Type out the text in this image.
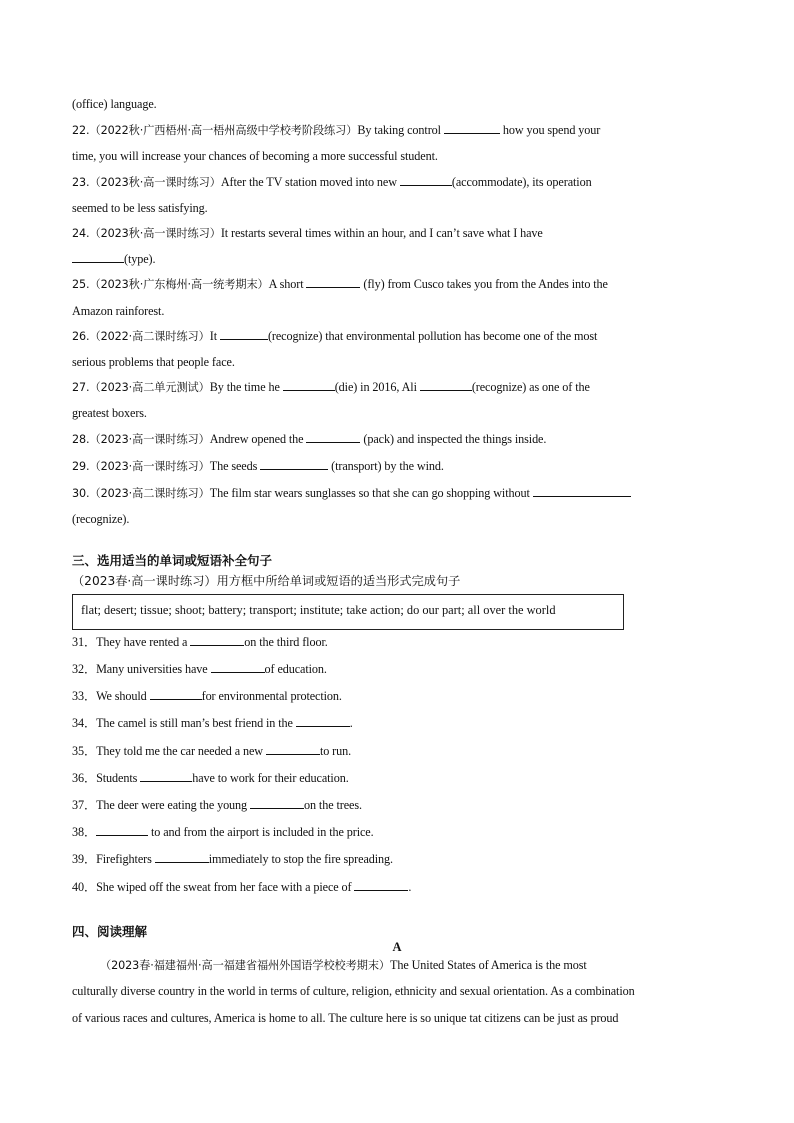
(office) language.
22.（2022秋·广西梧州·高一梧州高级中学校考阶段练习）By taking control	how you spend your
time, you will increase your chances of becoming a more successful student.
23.（2023秋·高一课时练习）After the TV station moved into new	(accommodate), its operation
seemed to be less satisfying.
24.（2023秋·高一课时练习）It restarts several times within an hour, and I can’t save what I have
(type).
25.（2023秋·广东梅州·高一统考期末）A short	(fly) from Cusco takes you from the Andes into the
Amazon rainforest.
26.（2022·高二课时练习）It	(recognize) that environmental pollution has become one of the most
serious problems that people face.
27.（2023·高二单元测试）By the time he	(die) in 2016, Ali	(recognize) as one of the
greatest boxers.
28.（2023·高一课时练习）Andrew opened the	(pack) and inspected the things inside.
29.（2023·高一课时练习）The seeds	(transport) by the wind.
30.（2023·高二课时练习）The film star wears sunglasses so that she can go shopping without
(recognize).
三、选用适当的单词或短语补全句子
（2023春·高一课时练习）用方框中所给单词或短语的适当形式完成句子
flat; desert; tissue; shoot; battery; transport; institute; take action; do our part; all over the world
31．They have rented a	on the third floor.
32．Many universities have	of education.
33．We should	for environmental protection.
34．The camel is still man’s best friend in the	.
35．They told me the car needed a new	to run.
36．Students	have to work for their education.
37．The deer were eating the young	on the trees.
38．	to and from the airport is included in the price.
39．Firefighters	immediately to stop the fire spreading.
40．She wiped off the sweat from her face with a piece of	.
四、阅读理解
A
（2023春·福建福州·高一福建省福州外国语学校校考期末）The United States of America is the most
culturally diverse country in the world in terms of culture, religion, ethnicity and sexual orientation. As a combination
of various races and cultures, America is home to all. The culture here is so unique tat citizens can be just as proud
